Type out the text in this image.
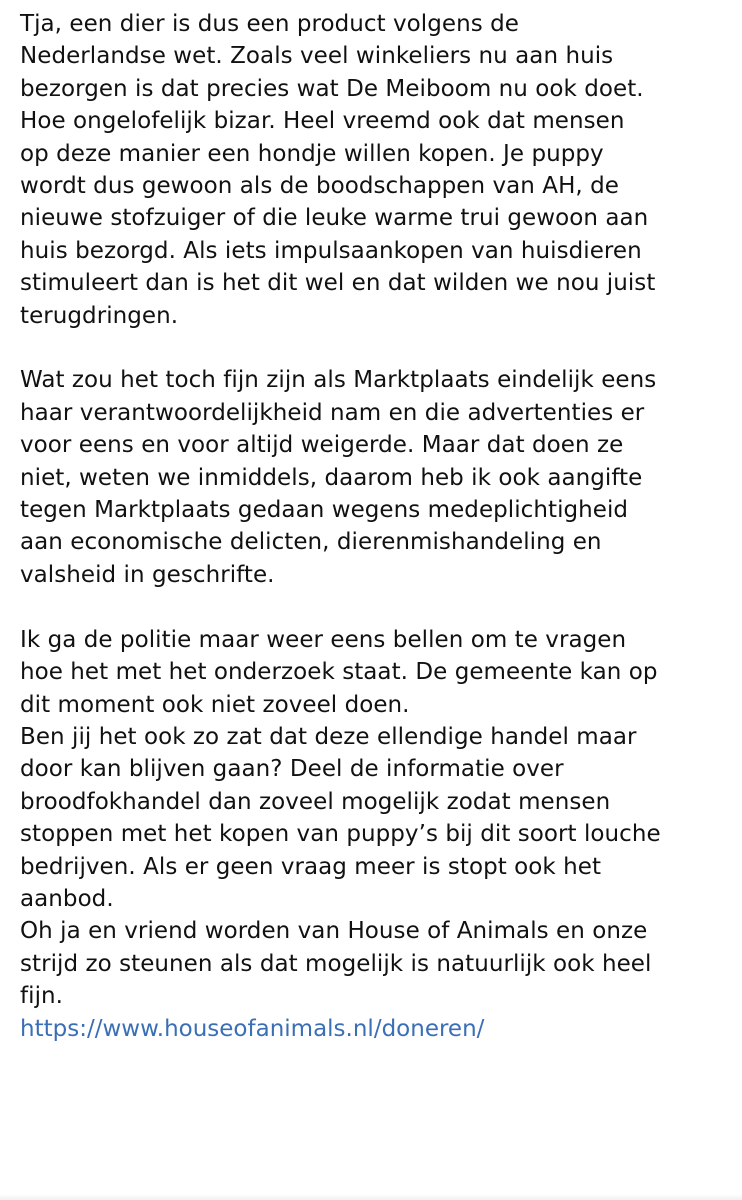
Tja, een dier is dus een product volgens de
Nederlandse wet. Zoals veel winkeliers nu aan huis
bezorgen is dat precies wat De Meiboom nu ook doet.
Hoe ongelofelijk bizar. Heel vreemd ook dat mensen
op deze manier een hondje willen kopen. Je puppy
wordt dus gewoon als de boodschappen van AH, de
nieuwe stofzuiger of die leuke warme trui gewoon aan
huis bezorgd. Als iets impulsaankopen van huisdieren
stimuleert dan is het dit wel en dat wilden we nou juist
terugdringen.
Wat zou het toch fijn zijn als Marktplaats eindelijk eens
haar verantwoordelijkheid nam en die advertenties er
voor eens en voor altijd weigerde. Maar dat doen ze
niet, weten we inmiddels, daarom heb ik ook aangifte
tegen Marktplaats gedaan wegens medeplichtigheid
aan economische delicten, dierenmishandeling en
valsheid in geschrifte.
Ik ga de politie maar weer eens bellen om te vragen
hoe het met het onderzoek staat. De gemeente kan op
dit moment ook niet zoveel doen.
Ben jij het ook zo zat dat deze ellendige handel maar
door kan blijven gaan? Deel de informatie over
broodfokhandel dan zoveel mogelijk zodat mensen
stoppen met het kopen van puppy’s bij dit soort louche
bedrijven. Als er geen vraag meer is stopt ook het
aanbod.
Oh ja en vriend worden van House of Animals en onze
strijd zo steunen als dat mogelijk is natuurlijk ook heel
fijn.
https://www.houseofanimals.nl/doneren/
